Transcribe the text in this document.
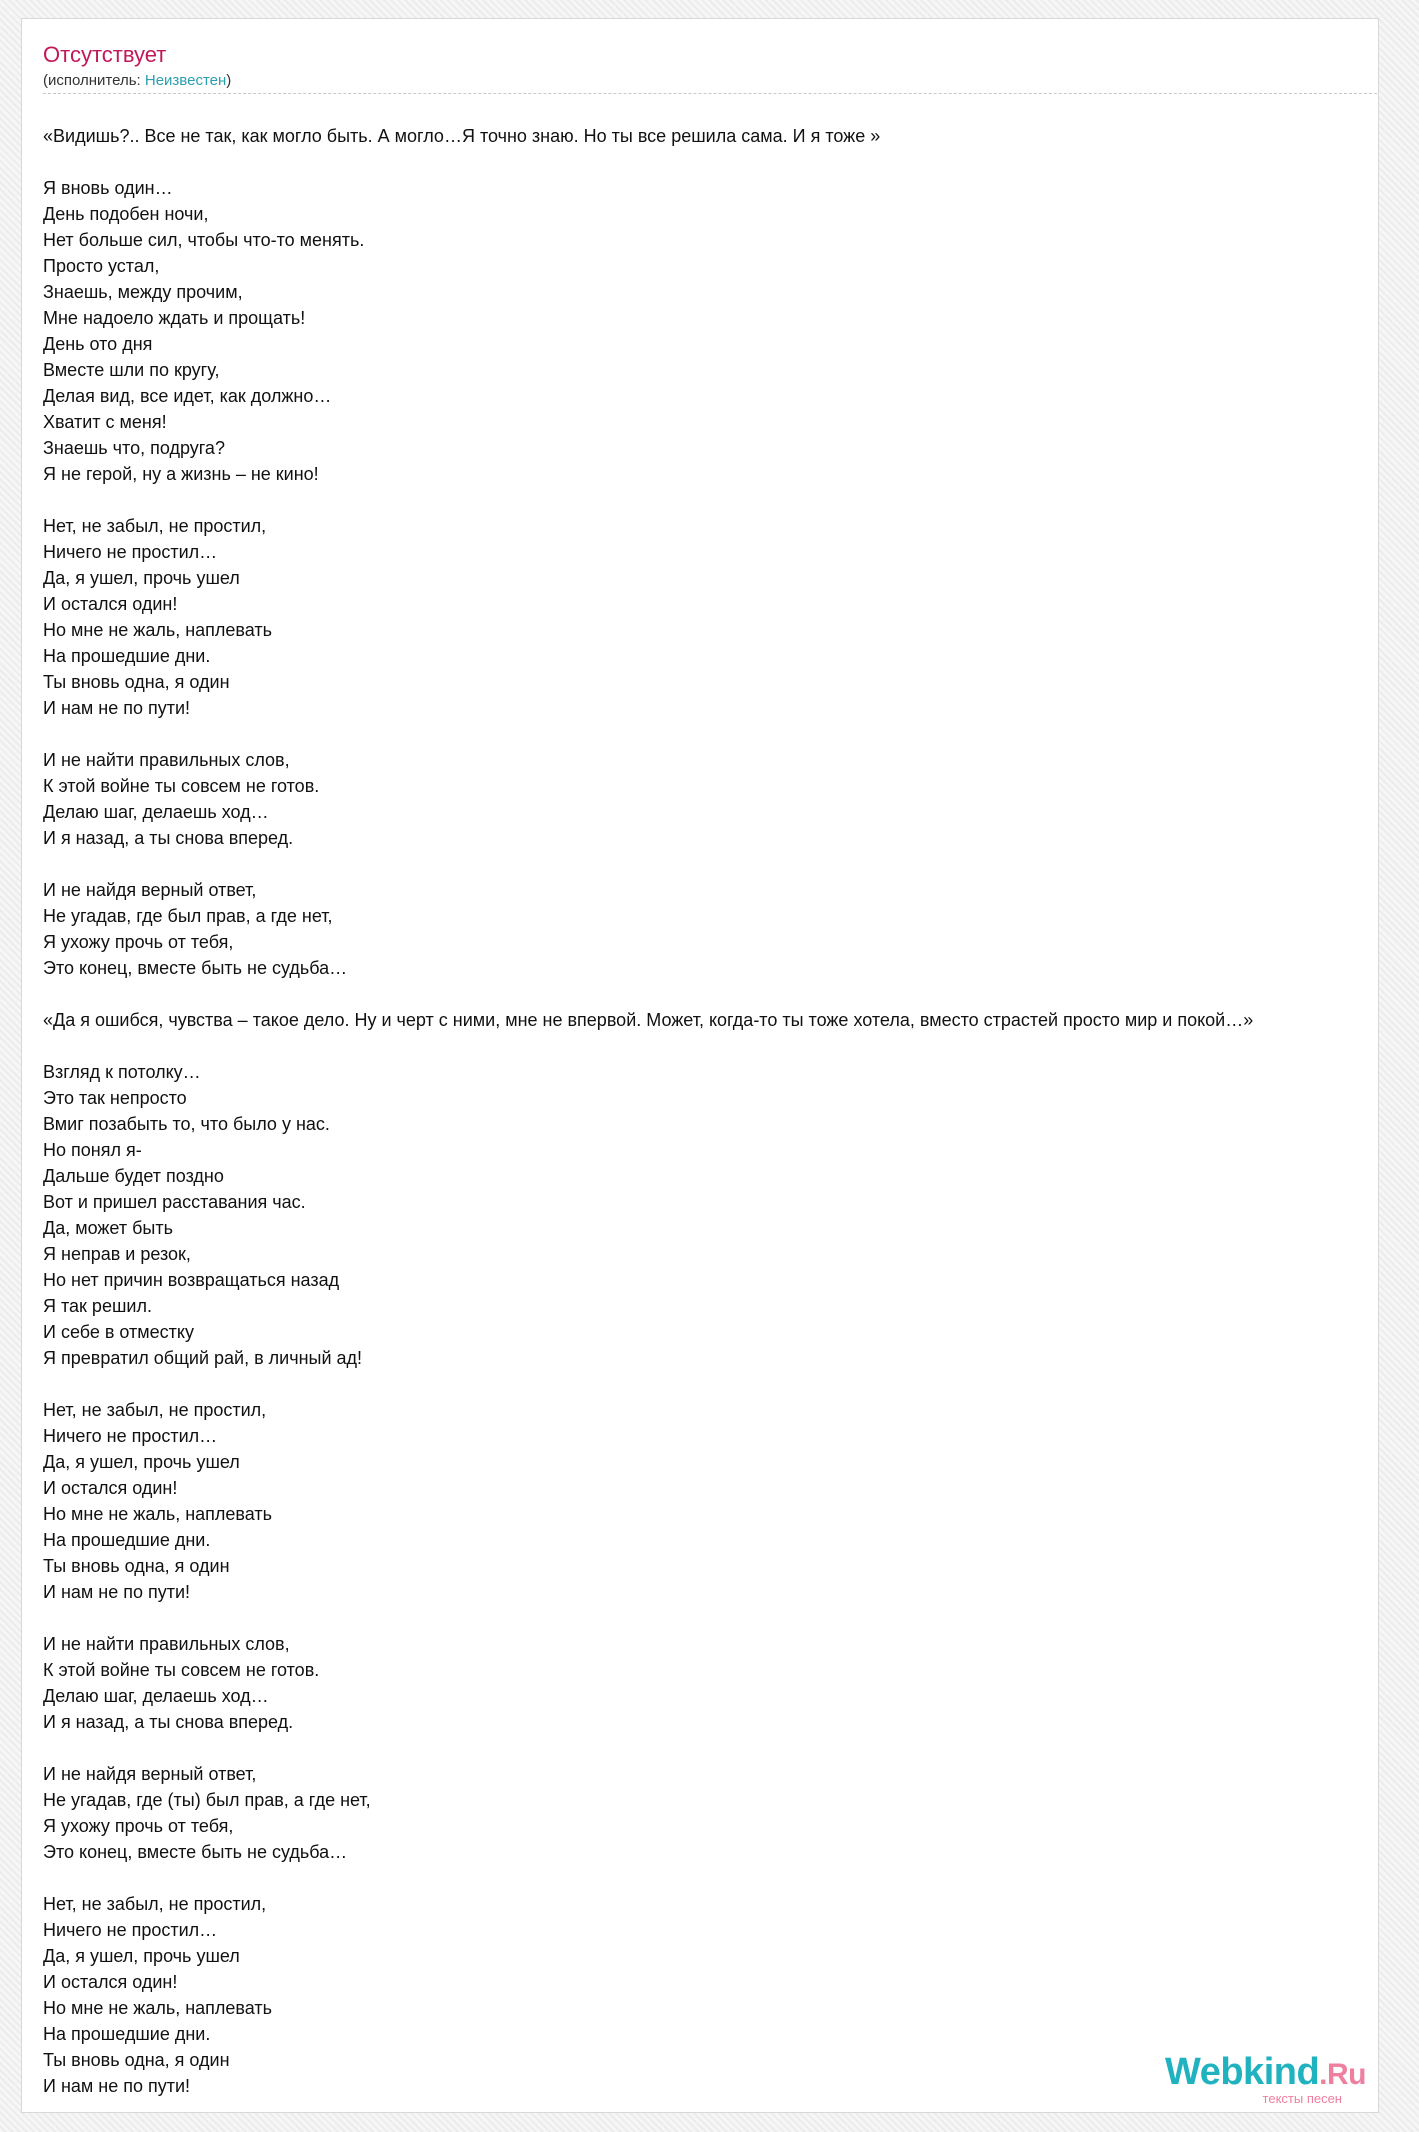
Отсутствует
(исполнитель: Неизвестен)
«Видишь?.. Все не так, как могло быть. А могло…Я точно знаю. Но ты все решила сама. И я тоже »
Я вновь один…
День подобен ночи,
Нет больше сил, чтобы что-то менять.
Просто устал,
Знаешь, между прочим,
Мне надоело ждать и прощать!
День ото дня
Вместе шли по кругу,
Делая вид, все идет, как должно…
Хватит с меня!
Знаешь что, подруга?
Я не герой, ну а жизнь – не кино!
Нет, не забыл, не простил,
Ничего не простил…
Да, я ушел, прочь ушел
И остался один!
Но мне не жаль, наплевать
На прошедшие дни.
Ты вновь одна, я один
И нам не по пути!
И не найти правильных слов,
К этой войне ты совсем не готов.
Делаю шаг, делаешь ход…
И я назад, а ты снова вперед.
И не найдя верный ответ,
Не угадав, где был прав, а где нет,
Я ухожу прочь от тебя,
Это конец, вместе быть не судьба…
«Да я ошибся, чувства – такое дело. Ну и черт с ними, мне не впервой. Может, когда-то ты тоже хотела, вместо страстей просто мир и покой…»
Взгляд к потолку…
Это так непросто
Вмиг позабыть то, что было у нас.
Но понял я-
Дальше будет поздно
Вот и пришел расставания час.
Да, может быть
Я неправ и резок,
Но нет причин возвращаться назад
Я так решил.
И себе в отместку
Я превратил общий рай, в личный ад!
Нет, не забыл, не простил,
Ничего не простил…
Да, я ушел, прочь ушел
И остался один!
Но мне не жаль, наплевать
На прошедшие дни.
Ты вновь одна, я один
И нам не по пути!
И не найти правильных слов,
К этой войне ты совсем не готов.
Делаю шаг, делаешь ход…
И я назад, а ты снова вперед.
И не найдя верный ответ,
Не угадав, где (ты) был прав, а где нет,
Я ухожу прочь от тебя,
Это конец, вместе быть не судьба…
Нет, не забыл, не простил,
Ничего не простил…
Да, я ушел, прочь ушел
И остался один!
Но мне не жаль, наплевать
На прошедшие дни.
Ты вновь одна, я один
И нам не по пути!	Webkind.Ru
тексты песен
